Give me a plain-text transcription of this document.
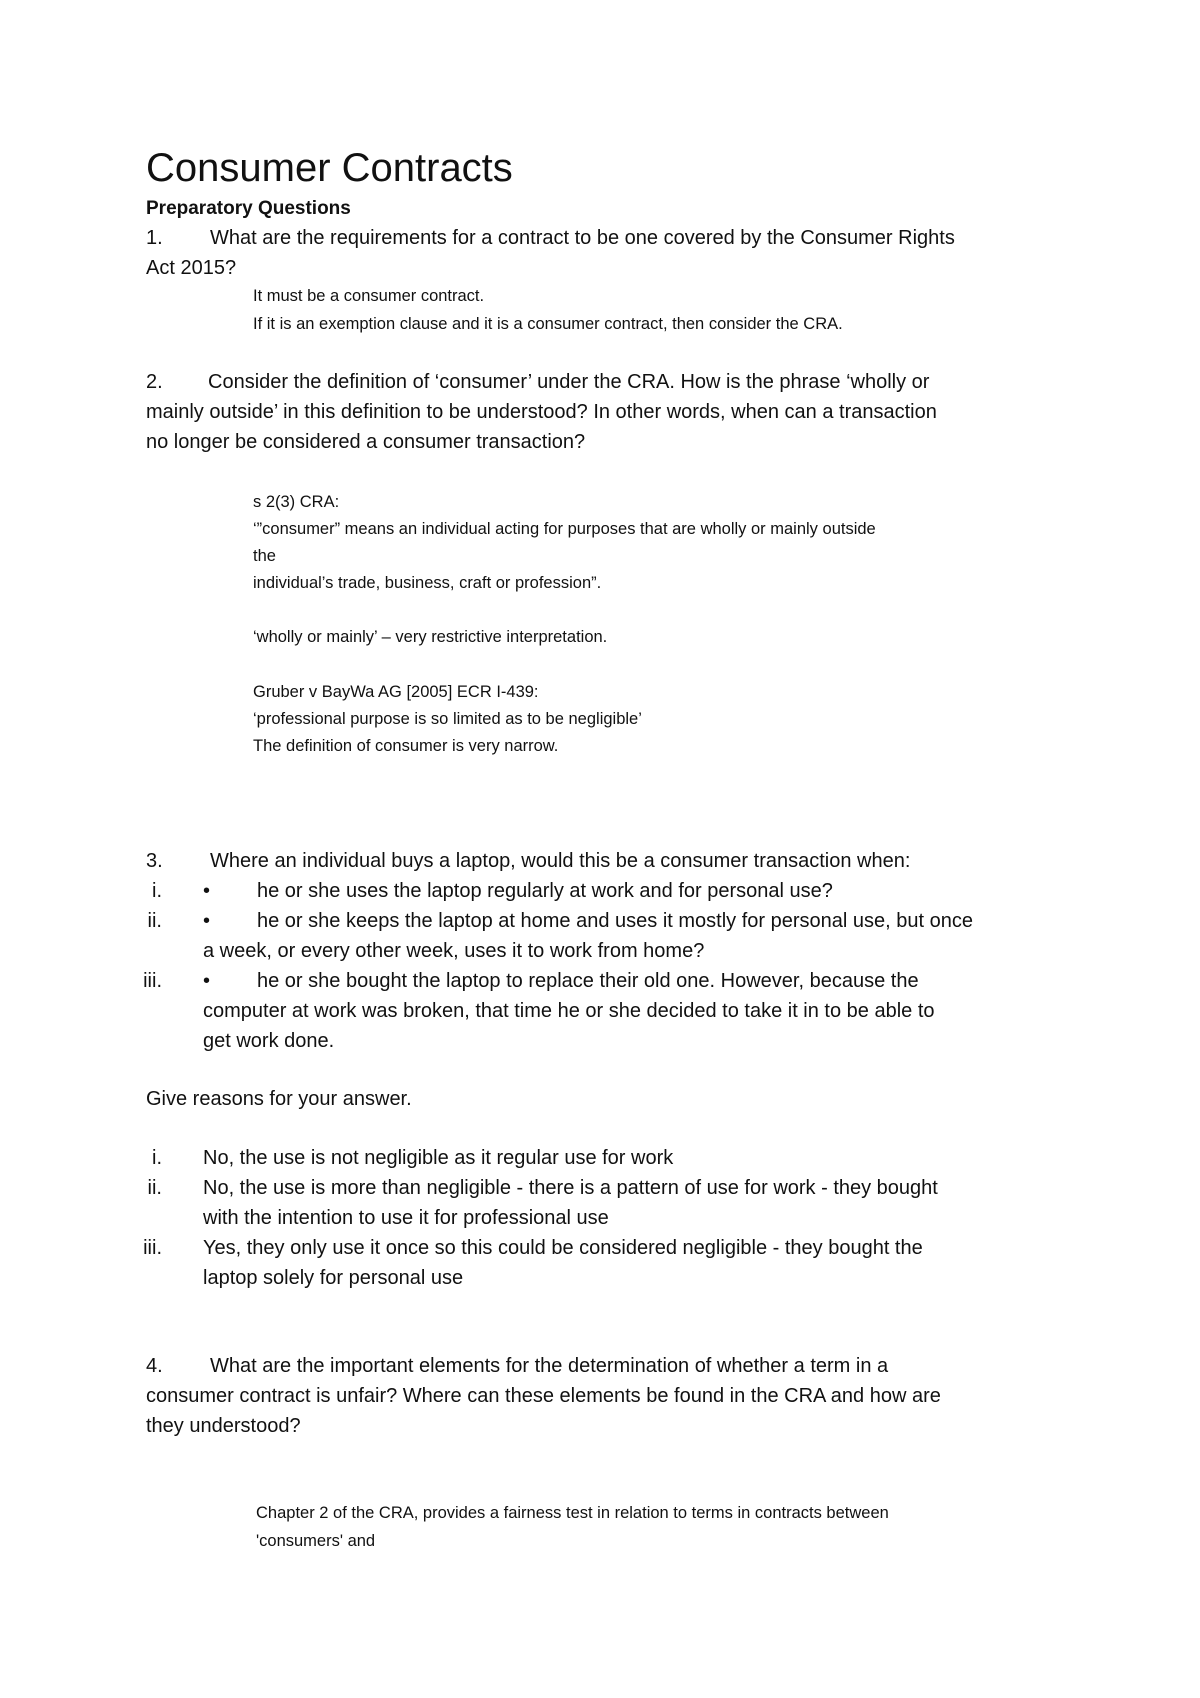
Consumer Contracts
Preparatory Questions
1. What are the requirements for a contract to be one covered by the Consumer Rights
Act 2015?
It must be a consumer contract.
If it is an exemption clause and it is a consumer contract, then consider the CRA.
2. Consider the definition of ‘consumer’ under the CRA. How is the phrase ‘wholly or
mainly outside’ in this definition to be understood? In other words, when can a transaction
no longer be considered a consumer transaction?
s 2(3) CRA:
‘”consumer” means an individual acting for purposes that are wholly or mainly outside
the
individual’s trade, business, craft or profession”.
‘wholly or mainly’ – very restrictive interpretation.
Gruber v BayWa AG [2005] ECR I-439:
‘professional purpose is so limited as to be negligible’
The definition of consumer is very narrow.
3. Where an individual buys a laptop, would this be a consumer transaction when:
i. • he or she uses the laptop regularly at work and for personal use?
ii. • he or she keeps the laptop at home and uses it mostly for personal use, but once
a week, or every other week, uses it to work from home?
iii. • he or she bought the laptop to replace their old one. However, because the
computer at work was broken, that time he or she decided to take it in to be able to
get work done.
Give reasons for your answer.
i. No, the use is not negligible as it regular use for work
ii. No, the use is more than negligible - there is a pattern of use for work - they bought
with the intention to use it for professional use
iii. Yes, they only use it once so this could be considered negligible - they bought the
laptop solely for personal use
4. What are the important elements for the determination of whether a term in a
consumer contract is unfair? Where can these elements be found in the CRA and how are
they understood?
Chapter 2 of the CRA, provides a fairness test in relation to terms in contracts between
'consumers' and
